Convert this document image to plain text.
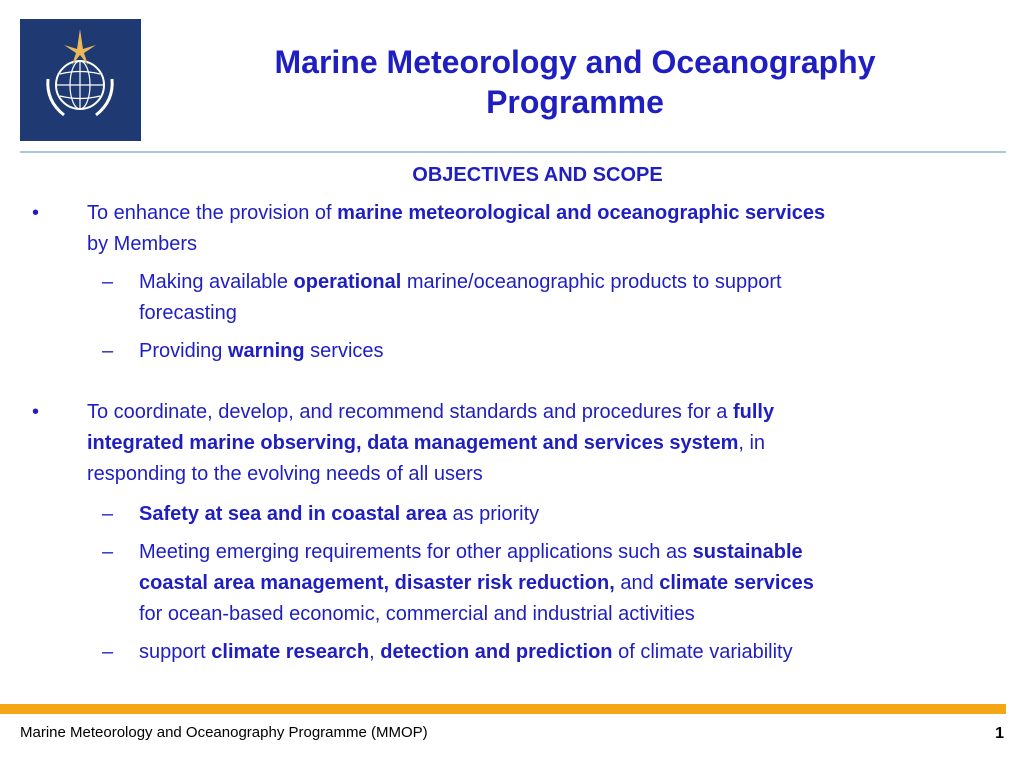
Marine Meteorology and Oceanography
Programme

OBJECTIVES AND SCOPE

• To enhance the provision of marine meteorological and oceanographic services
by Members

– Making available operational marine/oceanographic products to support
forecasting

– Providing warning services

• To coordinate, develop, and recommend standards and procedures for a fully
integrated marine observing, data management and services system, in
responding to the evolving needs of all users

– Safety at sea and in coastal area as priority

– Meeting emerging requirements for other applications such as sustainable
coastal area management, disaster risk reduction, and climate services
for ocean-based economic, commercial and industrial activities

– support climate research, detection and prediction of climate variability

Marine Meteorology and Oceanography Programme (MMOP)	1
